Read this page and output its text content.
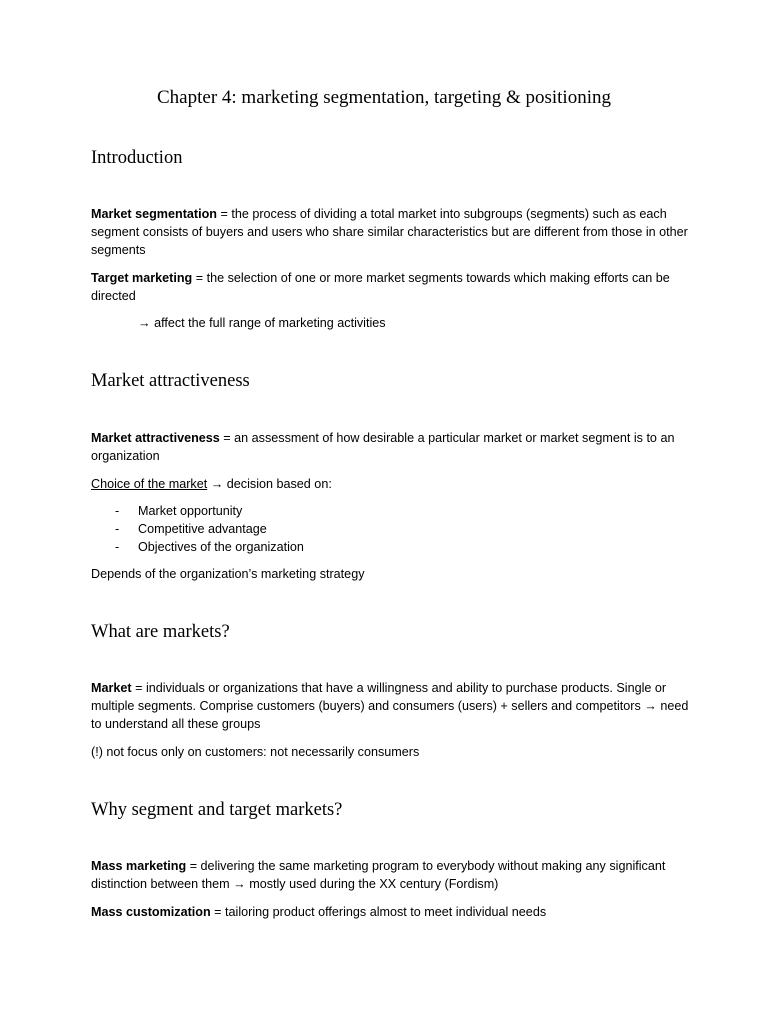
Chapter 4: marketing segmentation, targeting & positioning
Introduction

Market segmentation = the process of dividing a total market into subgroups (segments) such as each segment consists of buyers and users who share similar characteristics but are different from those in other segments

Target marketing = the selection of one or more market segments towards which making efforts can be directed

→ affect the full range of marketing activities

Market attractiveness

Market attractiveness = an assessment of how desirable a particular market or market segment is to an organization

Choice of the market → decision based on:

- Market opportunity
- Competitive advantage
- Objectives of the organization

Depends of the organization’s marketing strategy

What are markets?

Market = individuals or organizations that have a willingness and ability to purchase products. Single or multiple segments. Comprise customers (buyers) and consumers (users) + sellers and competitors → need to understand all these groups

(!) not focus only on customers: not necessarily consumers

Why segment and target markets?

Mass marketing = delivering the same marketing program to everybody without making any significant distinction between them → mostly used during the XX century (Fordism)

Mass customization = tailoring product offerings almost to meet individual needs
